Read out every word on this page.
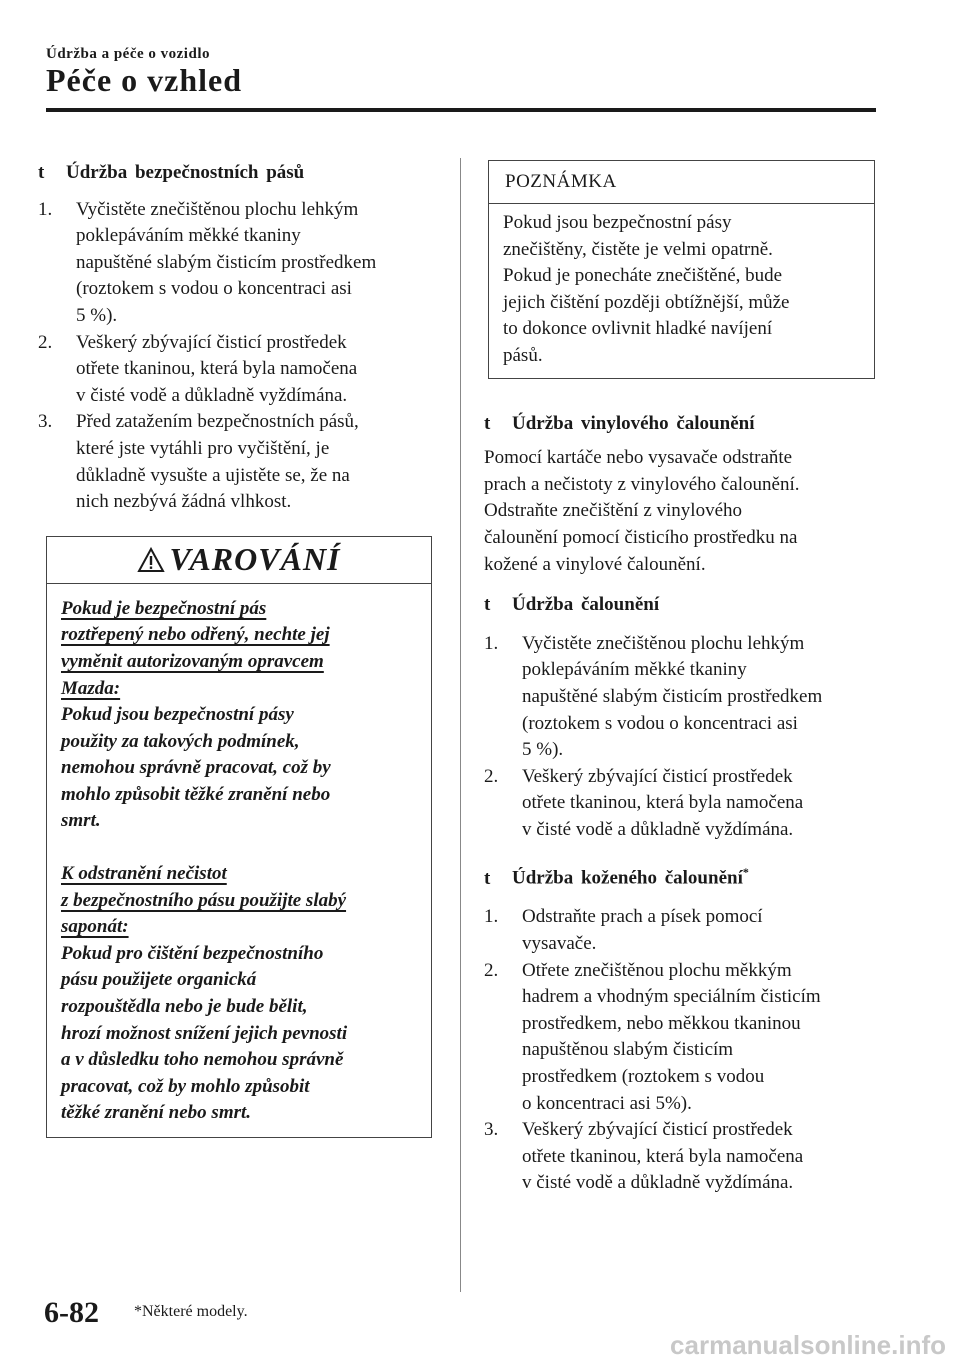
Údržba a péče o vozidlo
Péče o vzhled
t	Údržba bezpečnostních pásů
1.	Vyčistěte znečištěnou plochu lehkým
poklepáváním měkké tkaniny
napuštěné slabým čisticím prostředkem
(roztokem s vodou o koncentraci asi
5 %).
2.	Veškerý zbývající čisticí prostředek
otřete tkaninou, která byla namočena
v čisté vodě a důkladně vyždímána.
3.	Před zatažením bezpečnostních pásů,
které jste vytáhli pro vyčištění, je
důkladně vysušte a ujistěte se, že na
nich nezbývá žádná vlhkost.
VAROVÁNÍ

Pokud je bezpečnostní pás
roztřepený nebo odřený, nechte jej
vyměnit autorizovaným opravcem
Mazda:

Pokud jsou bezpečnostní pásy
použity za takových podmínek,
nemohou správně pracovat, což by
mohlo způsobit těžké zranění nebo
smrt.

K odstranění nečistot
z bezpečnostního pásu použijte slabý
saponát:

Pokud pro čištění bezpečnostního
pásu použijete organická
rozpouštědla nebo je bude bělit,
hrozí možnost snížení jejich pevnosti
a v důsledku toho nemohou správně
pracovat, což by mohlo způsobit
těžké zranění nebo smrt.

POZNÁMKA
Pokud jsou bezpečnostní pásy
znečištěny, čistěte je velmi opatrně.
Pokud je ponecháte znečištěné, bude
jejich čištění později obtížnější, může
to dokonce ovlivnit hladké navíjení
pásů.
t	Údržba vinylového čalounění

Pomocí kartáče nebo vysavače odstraňte
prach a nečistoty z vinylového čalounění.
Odstraňte znečištění z vinylového
čalounění pomocí čisticího prostředku na
kožené a vinylové čalounění.

t	Údržba čalounění
1.	Vyčistěte znečištěnou plochu lehkým
poklepáváním měkké tkaniny
napuštěné slabým čisticím prostředkem
(roztokem s vodou o koncentraci asi
5 %).
2.	Veškerý zbývající čisticí prostředek
otřete tkaninou, která byla namočena
v čisté vodě a důkladně vyždímána.
t	Údržba koženého čalounění*
1.	Odstraňte prach a písek pomocí
vysavače.
2.	Otřete znečištěnou plochu měkkým
hadrem a vhodným speciálním čisticím
prostředkem, nebo měkkou tkaninou
napuštěnou slabým čisticím
prostředkem (roztokem s vodou
o koncentraci asi 5%).
3.	Veškerý zbývající čisticí prostředek
otřete tkaninou, která byla namočena
v čisté vodě a důkladně vyždímána.
6-82 *Některé modely.
carmanualsonline.info
